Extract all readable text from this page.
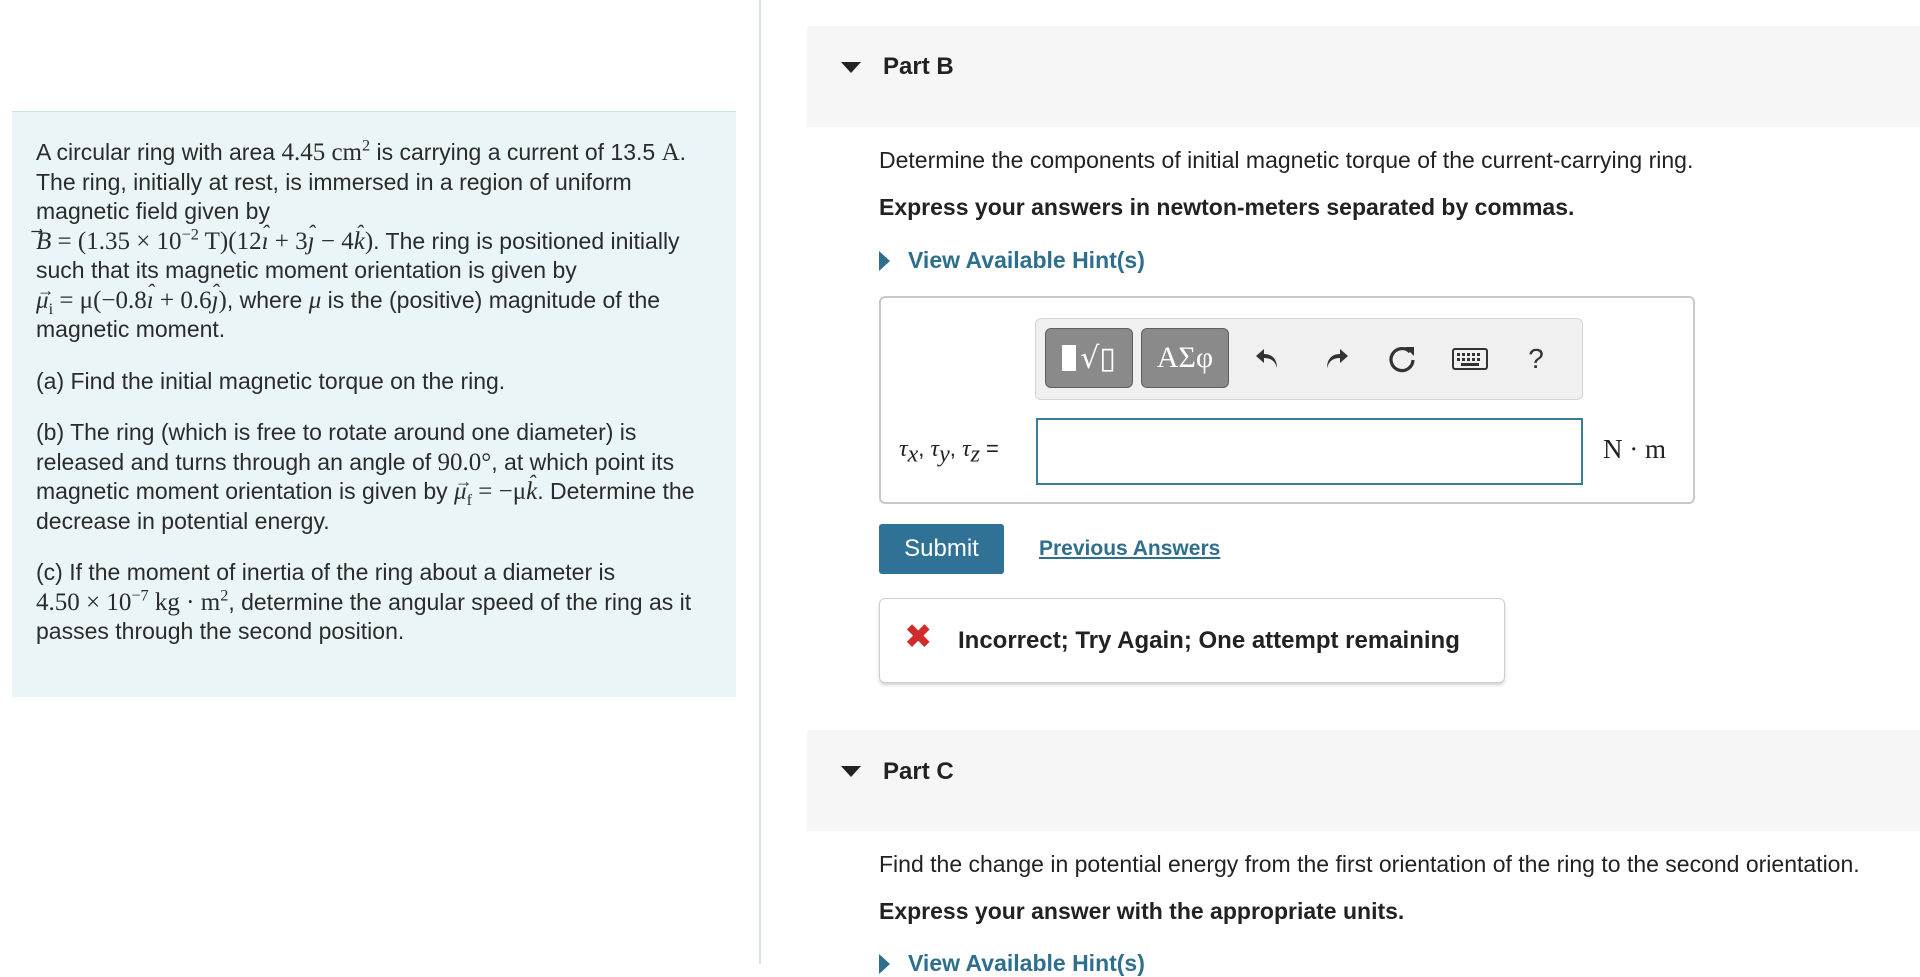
A circular ring with area 4.45 $cm^2$ is carrying a current of 13.5 A. The ring, initially at rest, is immersed in a region of uniform magnetic field given by
B ⃗ = ($1.35 \times 10^{-2}$ T)(12ı ˆ + 3ȷ ˆ − 4k ˆ). The ring is positioned initially such that its magnetic moment orientation is given by
$\mu \to_i$ = μ(−0.8ı ˆ + 0.6ȷ ˆ), where μ is the (positive) magnitude of the magnetic moment.

(a) Find the initial magnetic torque on the ring.

(b) The ring (which is free to rotate around one diameter) is released and turns through an angle of 90.0°, at which point its magnetic moment orientation is given by $\mu \to_f = -\mu k$ ˆ. Determine the decrease in potential energy.

(c) If the moment of inertia of the ring about a diameter is
$4.50 \times 10^{-7}$ kg · $m^2$, determine the angular speed of the ring as it passes through the second position.

Part B
Determine the components of initial magnetic torque of the current-carrying ring.
Express your answers in newton-meters separated by commas.
View Available Hint(s)
√▯ ΑΣφ	?
$\tau_x$, $\tau_y$, $\tau_z$ =	N · m
Submit	Previous Answers
✖ Incorrect; Try Again; One attempt remaining
Part C
Find the change in potential energy from the first orientation of the ring to the second orientation.
Express your answer with the appropriate units.
View Available Hint(s)
